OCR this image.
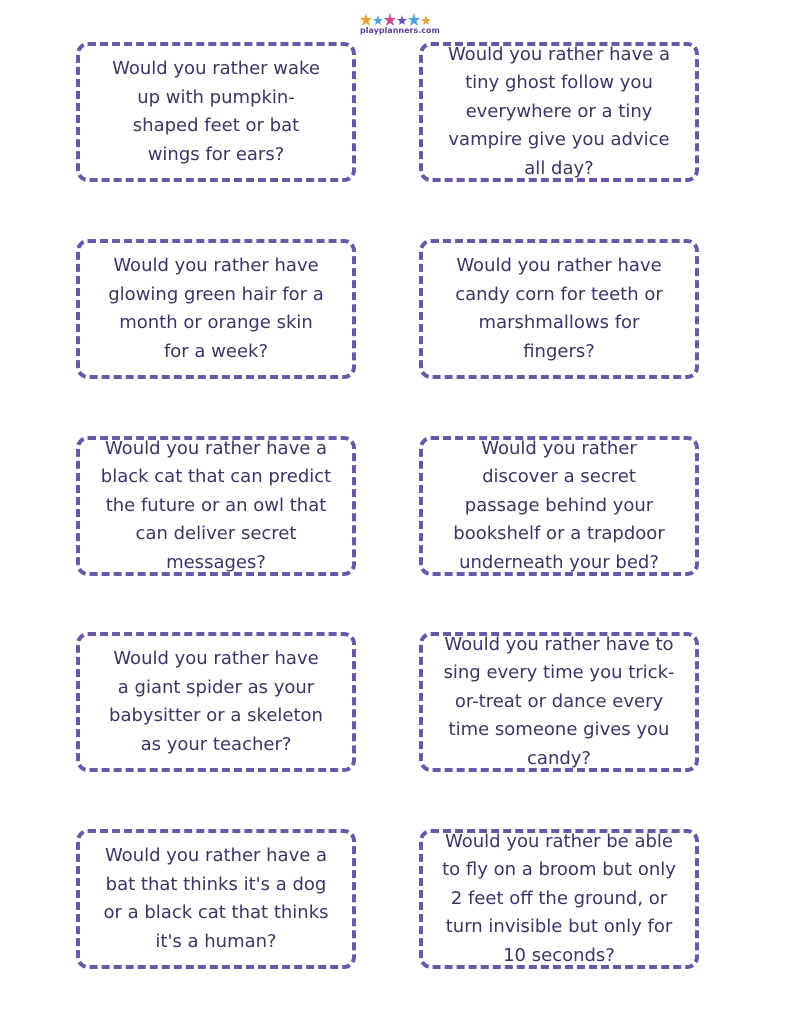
playplanners.com

Would you rather wake up with pumpkin-shaped feet or bat wings for ears?

Would you rather have a tiny ghost follow you everywhere or a tiny vampire give you advice all day?

Would you rather have glowing green hair for a month or orange skin for a week?

Would you rather have candy corn for teeth or marshmallows for fingers?

Would you rather have a black cat that can predict the future or an owl that can deliver secret messages?

Would you rather discover a secret passage behind your bookshelf or a trapdoor underneath your bed?

Would you rather have a giant spider as your babysitter or a skeleton as your teacher?

Would you rather have to sing every time you trick-or-treat or dance every time someone gives you candy?

Would you rather have a bat that thinks it's a dog or a black cat that thinks it's a human?

Would you rather be able to fly on a broom but only 2 feet off the ground, or turn invisible but only for 10 seconds?
